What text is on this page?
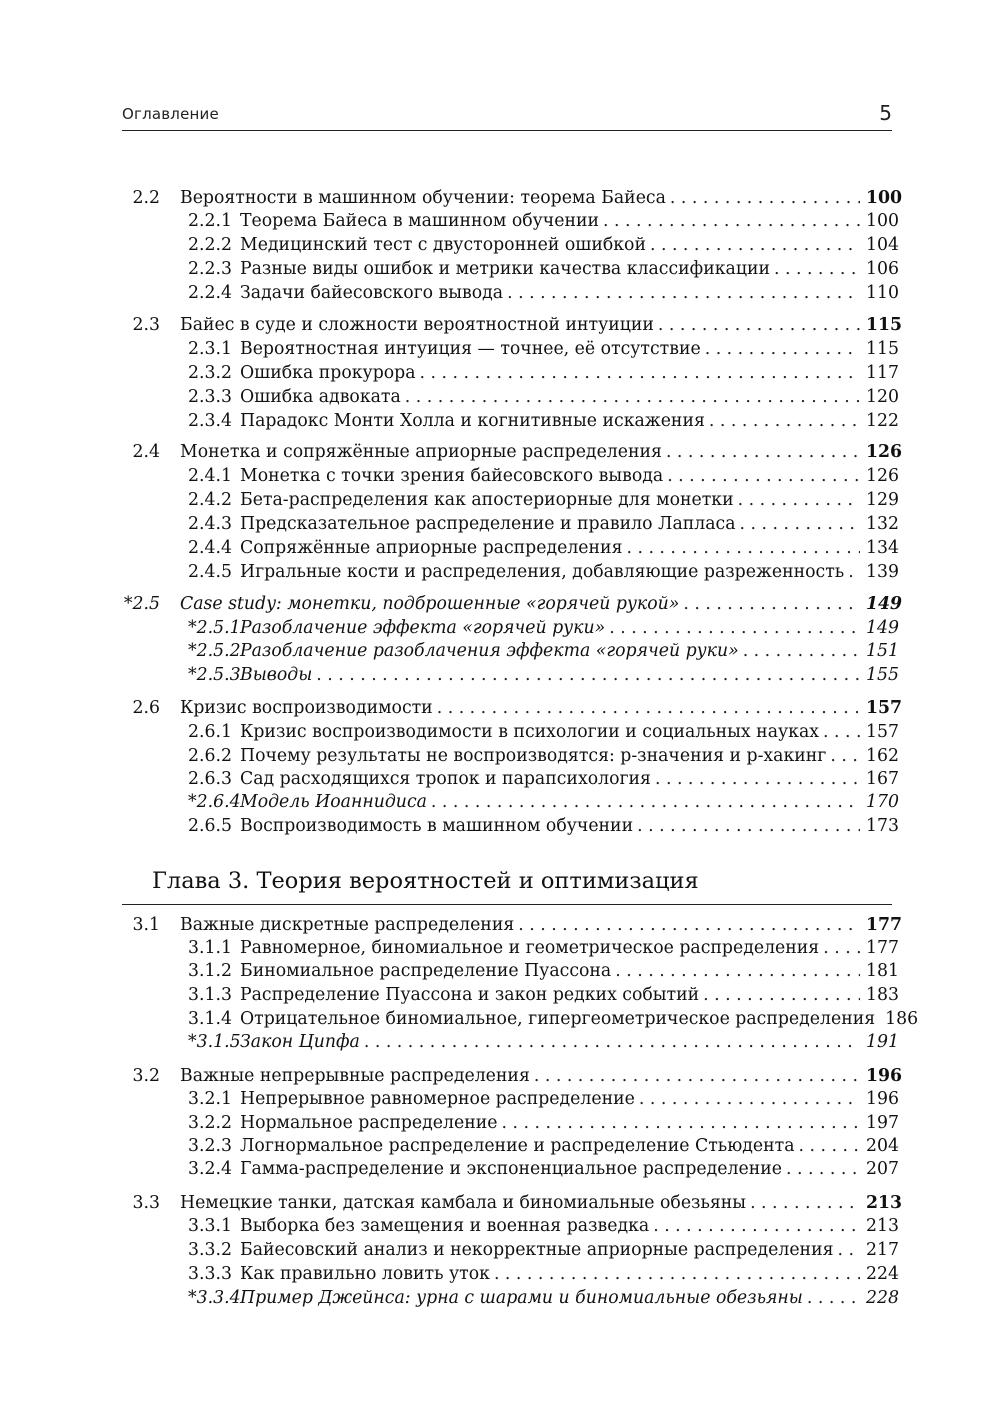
Оглавление	5
2.2 Вероятности в машинном обучении: теорема Байеса . . .	100
2.2.1 Теорема Байеса в машинном обучении . . .	100
2.2.2 Медицинский тест с двусторонней ошибкой . . .	104
2.2.3 Разные виды ошибок и метрики качества классификации . . .	106
2.2.4 Задачи байесовского вывода . . .	110
2.3 Байес в суде и сложности вероятностной интуиции . . .	115
2.3.1 Вероятностная интуиция — точнее, её отсутствие . . .	115
2.3.2 Ошибка прокурора . . .	117
2.3.3 Ошибка адвоката . . .	120
2.3.4 Парадокс Монти Холла и когнитивные искажения . . .	122
2.4 Монетка и сопряжённые априорные распределения . . .	126
2.4.1 Монетка с точки зрения байесовского вывода . . .	126
2.4.2 Бета-распределения как апостериорные для монетки . . .	129
2.4.3 Предсказательное распределение и правило Лапласа . . .	132
2.4.4 Сопряжённые априорные распределения . . .	134
2.4.5 Игральные кости и распределения, добавляющие разреженность . . .	139
*2.5 Case study: монетки, подброшенные «горячей рукой» . . .	149
*2.5.1 Разоблачение эффекта «горячей руки» . . .	149
*2.5.2 Разоблачение разоблачения эффекта «горячей руки» . . .	151
*2.5.3 Выводы . . .	155
2.6 Кризис воспроизводимости . . .	157
2.6.1 Кризис воспроизводимости в психологии и социальных науках . . .	157
2.6.2 Почему результаты не воспроизводятся: p-значения и p-хакинг . . .	162
2.6.3 Сад расходящихся тропок и парапсихология . . .	167
*2.6.4 Модель Иоаннидиса . . .	170
2.6.5 Воспроизводимость в машинном обучении . . .	173
Глава 3. Теория вероятностей и оптимизация
3.1 Важные дискретные распределения . . .	177
3.1.1 Равномерное, биномиальное и геометрическое распределения . . .	177
3.1.2 Биномиальное распределение Пуассона . . .	181
3.1.3 Распределение Пуассона и закон редких событий . . .	183
3.1.4 Отрицательное биномиальное, гипергеометрическое распределения 186
*3.1.5 Закон Ципфа . . .	191
3.2 Важные непрерывные распределения . . .	196
3.2.1 Непрерывное равномерное распределение . . .	196
3.2.2 Нормальное распределение . . .	197
3.2.3 Логнормальное распределение и распределение Стьюдента . . .	204
3.2.4 Гамма-распределение и экспоненциальное распределение . . .	207
3.3 Немецкие танки, датская камбала и биномиальные обезьяны . . .	213
3.3.1 Выборка без замещения и военная разведка . . .	213
3.3.2 Байесовский анализ и некорректные априорные распределения . . .	217
3.3.3 Как правильно ловить уток . . .	224
*3.3.4 Пример Джейнса: урна с шарами и биномиальные обезьяны . . .	228
